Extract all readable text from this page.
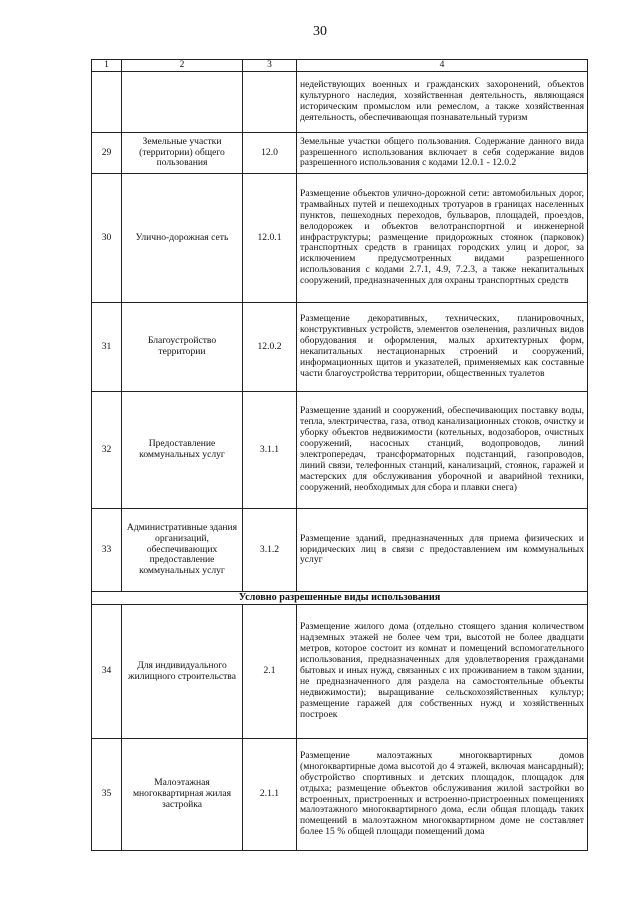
30
1	2	3	4
			недействующих военных и гражданских захоронений, объектов культурного наследия, хозяйственная деятельность, являющаяся историческим промыслом или ремеслом, а также хозяйственная деятельность, обеспечивающая познавательный туризм
29	Земельные участки (территории) общего пользования	12.0	Земельные участки общего пользования. Содержание данного вида разрешенного использования включает в себя содержание видов разрешенного использования с кодами 12.0.1 - 12.0.2
30	Улично-дорожная сеть	12.0.1	Размещение объектов улично-дорожной сети: автомобильных дорог, трамвайных путей и пешеходных тротуаров в границах населенных пунктов, пешеходных переходов, бульваров, площадей, проездов, велодорожек и объектов велотранспортной и инженерной инфраструктуры; размещение придорожных стоянок (парковок) транспортных средств в границах городских улиц и дорог, за исключением предусмотренных видами разрешенного использования с кодами 2.7.1, 4.9, 7.2.3, а также некапитальных сооружений, предназначенных для охраны транспортных средств
31	Благоустройство территории	12.0.2	Размещение декоративных, технических, планировочных, конструктивных устройств, элементов озеленения, различных видов оборудования и оформления, малых архитектурных форм, некапитальных нестационарных строений и сооружений, информационных щитов и указателей, применяемых как составные части благоустройства территории, общественных туалетов
32	Предоставление коммунальных услуг	3.1.1	Размещение зданий и сооружений, обеспечивающих поставку воды, тепла, электричества, газа, отвод канализационных стоков, очистку и уборку объектов недвижимости (котельных, водозаборов, очистных сооружений, насосных станций, водопроводов, линий электропередач, трансформаторных подстанций, газопроводов, линий связи, телефонных станций, канализаций, стоянок, гаражей и мастерских для обслуживания уборочной и аварийной техники, сооружений, необходимых для сбора и плавки снега)
33	Административные здания организаций, обеспечивающих предоставление коммунальных услуг	3.1.2	Размещение зданий, предназначенных для приема физических и юридических лиц в связи с предоставлением им коммунальных услуг
Условно разрешенные виды использования			
34	Для индивидуального жилищного строительства	2.1	Размещение жилого дома (отдельно стоящего здания количеством надземных этажей не более чем три, высотой не более двадцати метров, которое состоит из комнат и помещений вспомогательного использования, предназначенных для удовлетворения гражданами бытовых и иных нужд, связанных с их проживанием в таком здании, не предназначенного для раздела на самостоятельные объекты недвижимости); выращивание сельскохозяйственных культур; размещение гаражей для собственных нужд и хозяйственных построек
35	Малоэтажная многоквартирная жилая застройка	2.1.1	Размещение малоэтажных многоквартирных домов (многоквартирные дома высотой до 4 этажей, включая мансардный); обустройство спортивных и детских площадок, площадок для отдыха; размещение объектов обслуживания жилой застройки во встроенных, пристроенных и встроенно-пристроенных помещениях малоэтажного многоквартирного дома, если общая площадь таких помещений в малоэтажном многоквартирном доме не составляет более 15 % общей площади помещений дома
